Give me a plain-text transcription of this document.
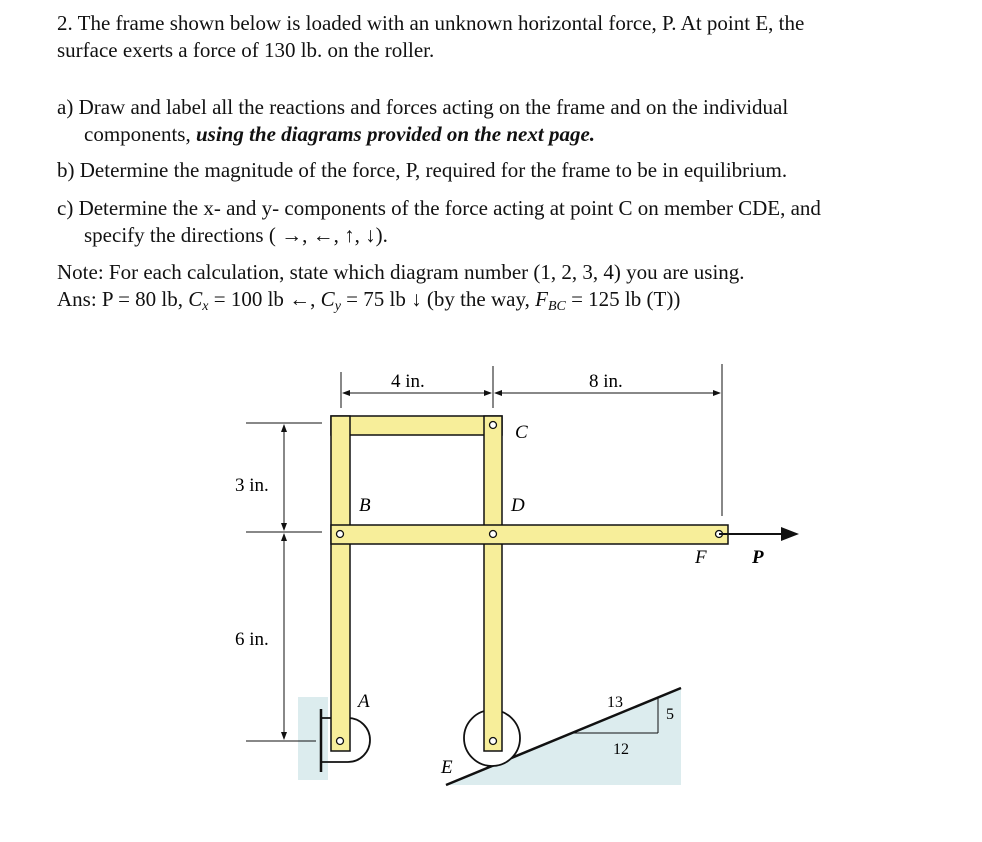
2. The frame shown below is loaded with an unknown horizontal force, P. At point E, the
surface exerts a force of 130 lb. on the roller.
a) Draw and label all the reactions and forces acting on the frame and on the individual
components, using the diagrams provided on the next page.
b) Determine the magnitude of the force, P, required for the frame to be in equilibrium.
c) Determine the x- and y- components of the force acting at point C on member CDE, and
specify the directions ( →, ←, ↑, ↓).
Note: For each calculation, state which diagram number (1, 2, 3, 4) you are using.
Ans: P = 80 lb, $C_x = 100$ lb ←, $C_y = 75$ lb ↓ (by the way, $F_{BC} = 125$ lb (T))
13
5
12
C
B	D
A
E
F P
4 in.	8 in.
3 in.
6 in.
